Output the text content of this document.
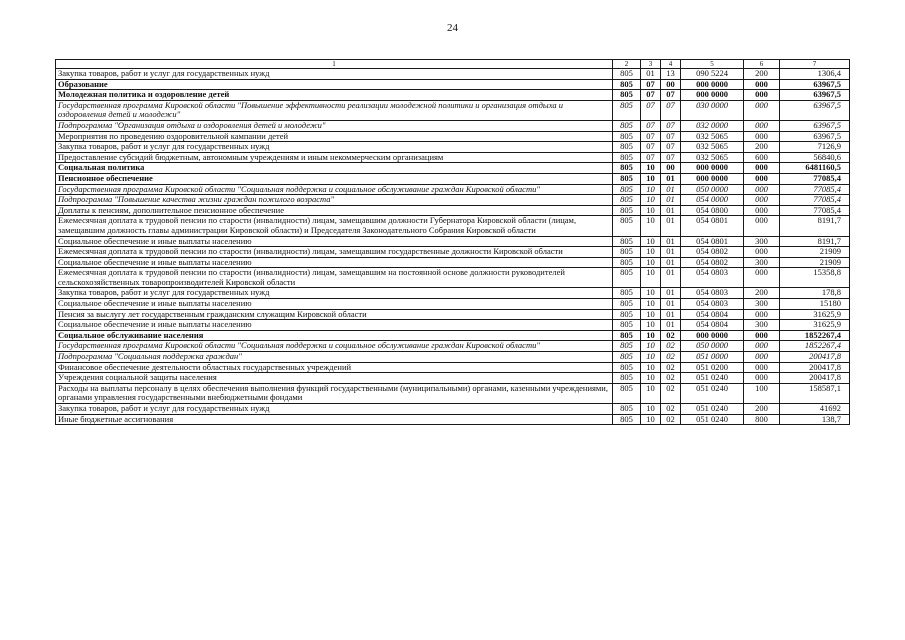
24
1	2	3	4	5	6	7
Закупка товаров, работ и услуг для государственных нужд	805	01	13	090 5224	200	1306,4
Образование	805	07	00	000 0000	000	63967,5
Молодежная политика и оздоровление детей	805	07	07	000 0000	000	63967,5
Государственная программа Кировской области "Повышение эффективности реализации молодежной политики и организация отдыха и оздоровления детей и молодежи"	805	07	07	030 0000	000	63967,5
Подпрограмма "Организация отдыха и оздоровления детей и молодежи"	805	07	07	032 0000	000	63967,5
Мероприятия по проведению оздоровительной кампании детей	805	07	07	032 5065	000	63967,5
Закупка товаров, работ и услуг для государственных нужд	805	07	07	032 5065	200	7126,9
Предоставление субсидий бюджетным, автономным учреждениям и иным некоммерческим организациям	805	07	07	032 5065	600	56840,6
Социальная политика	805	10	00	000 0000	000	6481160,5
Пенсионное обеспечение	805	10	01	000 0000	000	77085,4
Государственная программа Кировской области "Социальная поддержка и социальное обслуживание граждан Кировской области"	805	10	01	050 0000	000	77085,4
Подпрограмма "Повышение качества жизни граждан пожилого возраста"	805	10	01	054 0000	000	77085,4
Доплаты к пенсиям, дополнительное пенсионное обеспечение	805	10	01	054 0800	000	77085,4
Ежемесячная доплата к трудовой пенсии по старости (инвалидности) лицам, замещавшим должности Губернатора Кировской области (лицам, замещавшим должность главы администрации Кировской области) и Председателя Законодательного Собрания Кировской области	805	10	01	054 0801	000	8191,7
Социальное обеспечение и иные выплаты населению	805	10	01	054 0801	300	8191,7
Ежемесячная доплата к трудовой пенсии по старости (инвалидности) лицам, замещавшим государственные должности Кировской области	805	10	01	054 0802	000	21909
Социальное обеспечение и иные выплаты населению	805	10	01	054 0802	300	21909
Ежемесячная доплата к трудовой пенсии по старости (инвалидности) лицам, замещавшим на постоянной основе должности руководителей сельскохозяйственных товаропроизводителей Кировской области	805	10	01	054 0803	000	15358,8
Закупка товаров, работ и услуг для государственных нужд	805	10	01	054 0803	200	178,8
Социальное обеспечение и иные выплаты населению	805	10	01	054 0803	300	15180
Пенсия за выслугу лет государственным гражданским служащим Кировской области	805	10	01	054 0804	000	31625,9
Социальное обеспечение и иные выплаты населению	805	10	01	054 0804	300	31625,9
Социальное обслуживание населения	805	10	02	000 0000	000	1852267,4
Государственная программа Кировской области "Социальная поддержка и социальное обслуживание граждан Кировской области"	805	10	02	050 0000	000	1852267,4
Подпрограмма "Социальная поддержка граждан"	805	10	02	051 0000	000	200417,8
Финансовое обеспечение деятельности областных государственных учреждений	805	10	02	051 0200	000	200417,8
Учреждения социальной защиты населения	805	10	02	051 0240	000	200417,8
Расходы на выплаты персоналу в целях обеспечения выполнения функций государственными (муниципальными) органами, казенными учреждениями, органами управления государственными внебюджетными фондами	805	10	02	051 0240	100	158587,1
Закупка товаров, работ и услуг для государственных нужд	805	10	02	051 0240	200	41692
Иные бюджетные ассигнования	805	10	02	051 0240	800	138,7
